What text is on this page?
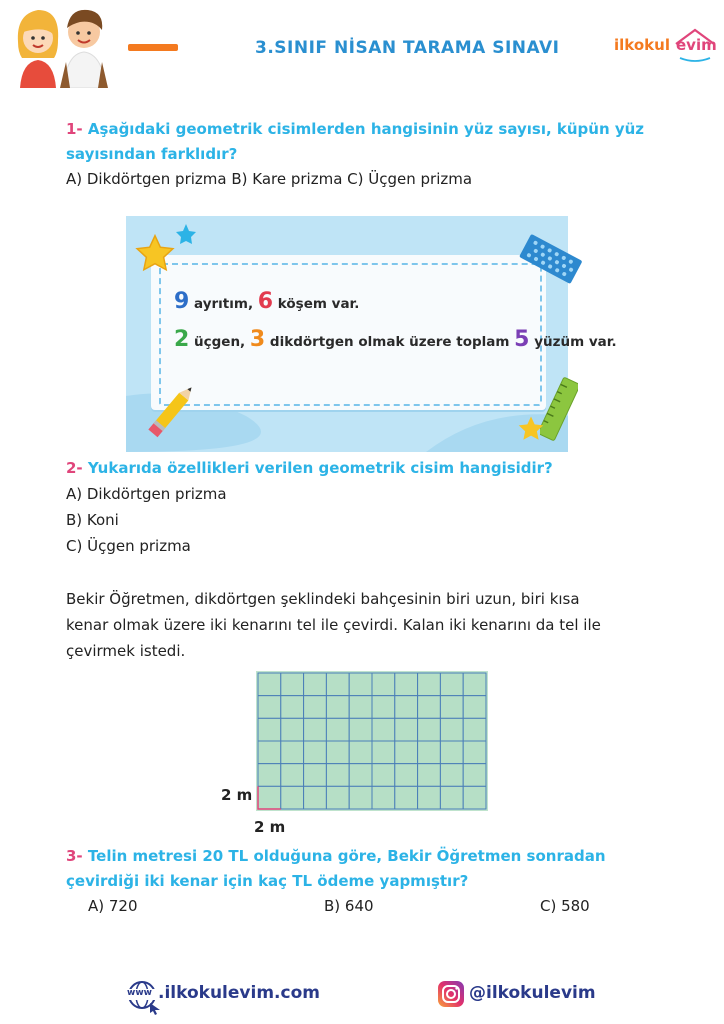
3.SINIF NİSAN TARAMA SINAVI	ilkokul evim
1- Aşağıdaki geometrik cisimlerden hangisinin yüz sayısı, küpün yüz
sayısından farklıdır?
A) Dikdörtgen prizma B) Kare prizma C) Üçgen prizma
9 ayrıtım, 6 köşem var.
2 üçgen, 3 dikdörtgen olmak üzere toplam 5 yüzüm var.
2- Yukarıda özellikleri verilen geometrik cisim hangisidir?
A) Dikdörtgen prizma
B) Koni
C) Üçgen prizma
Bekir Öğretmen, dikdörtgen şeklindeki bahçesinin biri uzun, biri kısa
kenar olmak üzere iki kenarını tel ile çevirdi. Kalan iki kenarını da tel ile
çevirmek istedi.
2 m
2 m
3- Telin metresi 20 TL olduğuna göre, Bekir Öğretmen sonradan
çevirdiği iki kenar için kaç TL ödeme yapmıştır?
A) 720	B) 640	C) 580
www .ilkokulevim.com	@ilkokulevim
